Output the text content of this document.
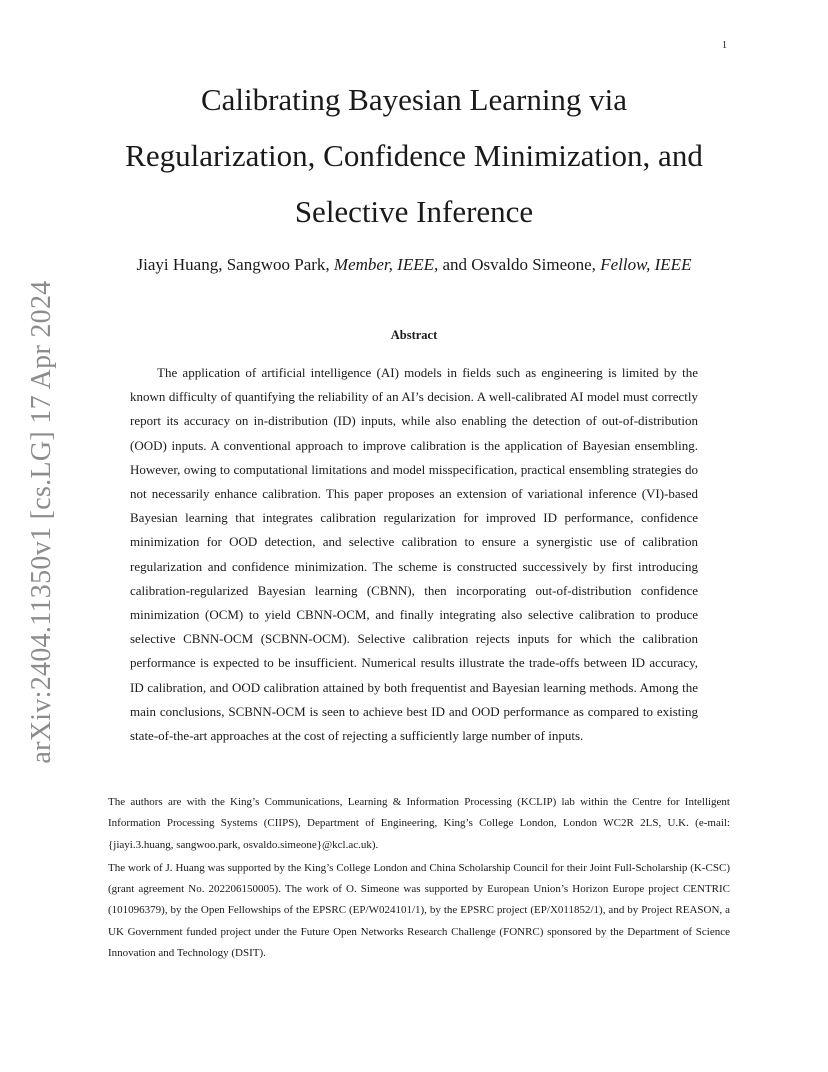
1
arXiv:2404.11350v1 [cs.LG] 17 Apr 2024
Calibrating Bayesian Learning via
Regularization, Confidence Minimization, and
Selective Inference
Jiayi Huang, Sangwoo Park, Member, IEEE, and Osvaldo Simeone, Fellow, IEEE
Abstract

The application of artificial intelligence (AI) models in fields such as engineering is limited by the known difficulty of quantifying the reliability of an AI’s decision. A well-calibrated AI model must correctly report its accuracy on in-distribution (ID) inputs, while also enabling the detection of out-of-distribution (OOD) inputs. A conventional approach to improve calibration is the application of Bayesian ensembling. However, owing to computational limitations and model misspecification, practical ensembling strategies do not necessarily enhance calibration. This paper proposes an extension of variational inference (VI)-based Bayesian learning that integrates calibration regularization for improved ID performance, confidence minimization for OOD detection, and selective calibration to ensure a synergistic use of calibration regularization and confidence minimization. The scheme is constructed successively by first introducing calibration-regularized Bayesian learning (CBNN), then incorporating out-of-distribution confidence minimization (OCM) to yield CBNN-OCM, and finally integrating also selective calibration to produce selective CBNN-OCM (SCBNN-OCM). Selective calibration rejects inputs for which the calibration performance is expected to be insufficient. Numerical results illustrate the trade-offs between ID accuracy, ID calibration, and OOD calibration attained by both frequentist and Bayesian learning methods. Among the main conclusions, SCBNN-OCM is seen to achieve best ID and OOD performance as compared to existing state-of-the-art approaches at the cost of rejecting a sufficiently large number of inputs.

The authors are with the King’s Communications, Learning & Information Processing (KCLIP) lab within the Centre for Intelligent Information Processing Systems (CIIPS), Department of Engineering, King’s College London, London WC2R 2LS, U.K. (e-mail: {jiayi.3.huang, sangwoo.park, osvaldo.simeone}@kcl.ac.uk).

The work of J. Huang was supported by the King’s College London and China Scholarship Council for their Joint Full-Scholarship (K-CSC) (grant agreement No. 202206150005). The work of O. Simeone was supported by European Union’s Horizon Europe project CENTRIC (101096379), by the Open Fellowships of the EPSRC (EP/W024101/1), by the EPSRC project (EP/X011852/1), and by Project REASON, a UK Government funded project under the Future Open Networks Research Challenge (FONRC) sponsored by the Department of Science Innovation and Technology (DSIT).
